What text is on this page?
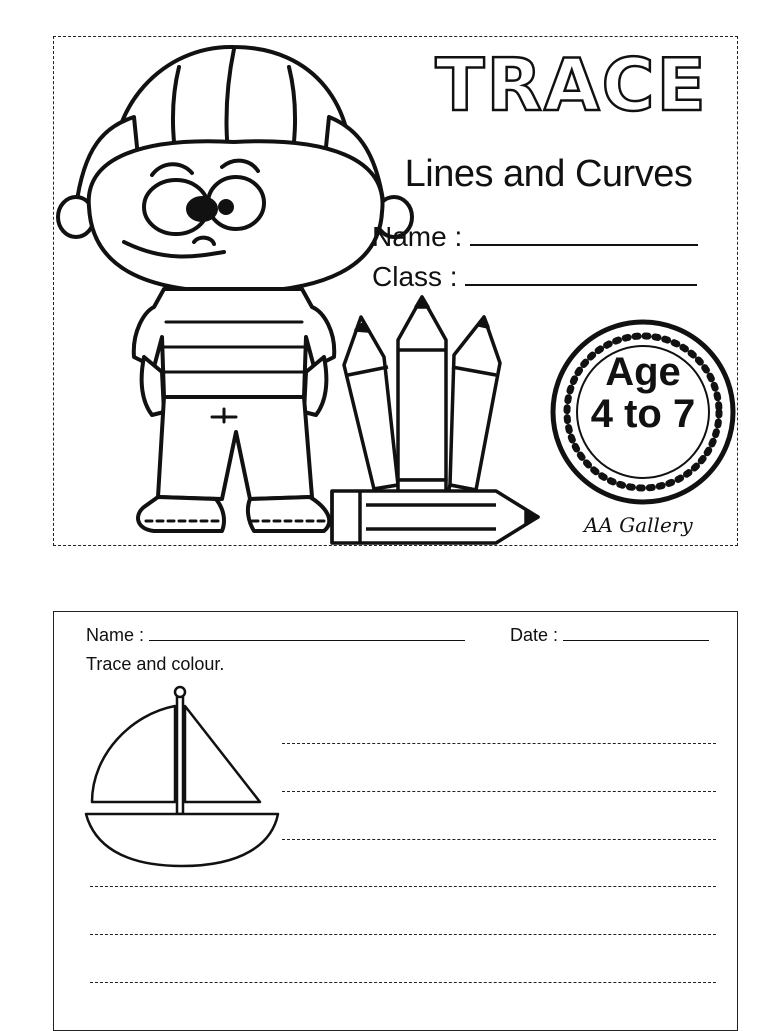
TRACE
Lines and Curves
Name :
Class :
Age
4 to 7
AA Gallery
Name :	Date :
Trace and colour.
